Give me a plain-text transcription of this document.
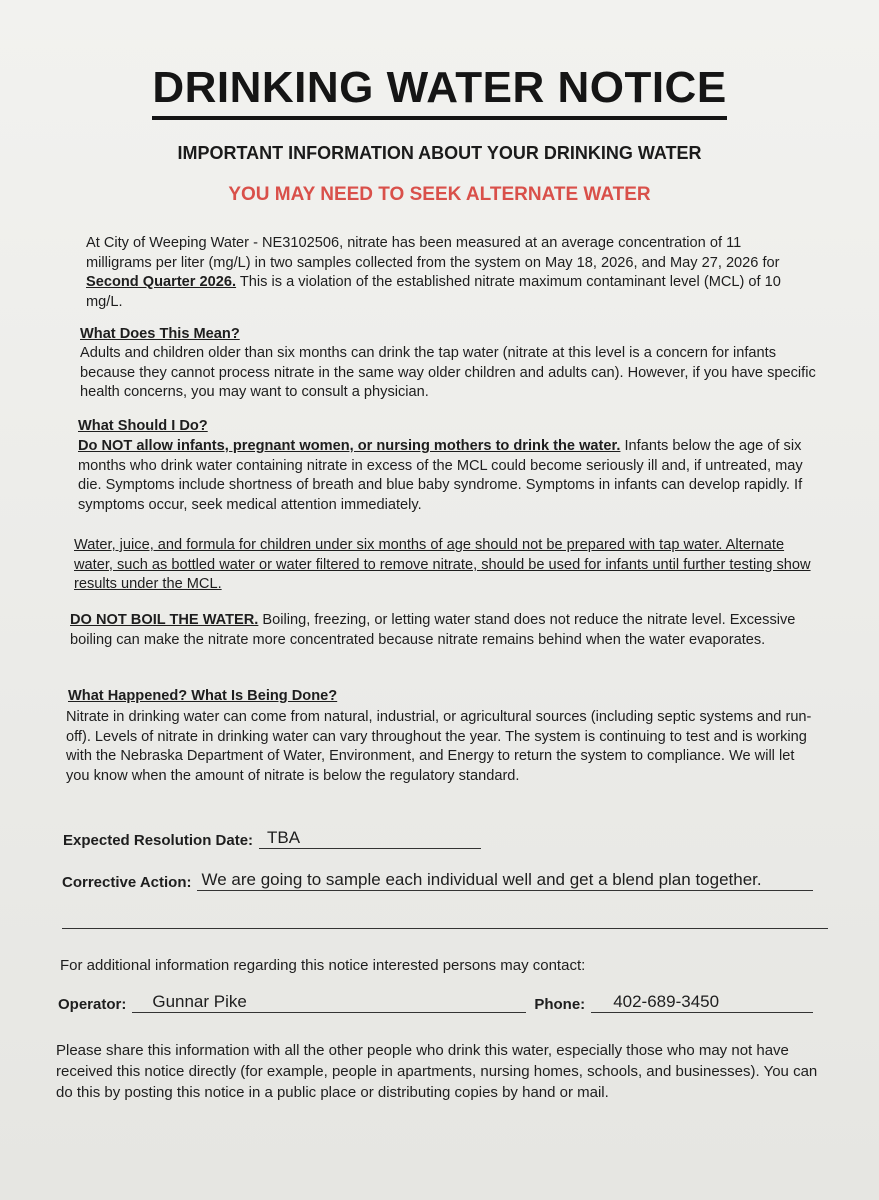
DRINKING WATER NOTICE
IMPORTANT INFORMATION ABOUT YOUR DRINKING WATER
YOU MAY NEED TO SEEK ALTERNATE WATER

At City of Weeping Water - NE3102506, nitrate has been measured at an average concentration of 11 milligrams per liter (mg/L) in two samples collected from the system on May 18, 2026, and May 27, 2026 for Second Quarter 2026. This is a violation of the established nitrate maximum contaminant level (MCL) of 10 mg/L.

What Does This Mean?

Adults and children older than six months can drink the tap water (nitrate at this level is a concern for infants because they cannot process nitrate in the same way older children and adults can). However, if you have specific health concerns, you may want to consult a physician.

What Should I Do?

Do NOT allow infants, pregnant women, or nursing mothers to drink the water. Infants below the age of six months who drink water containing nitrate in excess of the MCL could become seriously ill and, if untreated, may die. Symptoms include shortness of breath and blue baby syndrome. Symptoms in infants can develop rapidly. If symptoms occur, seek medical attention immediately.

Water, juice, and formula for children under six months of age should not be prepared with tap water. Alternate water, such as bottled water or water filtered to remove nitrate, should be used for infants until further testing show results under the MCL.

DO NOT BOIL THE WATER. Boiling, freezing, or letting water stand does not reduce the nitrate level. Excessive boiling can make the nitrate more concentrated because nitrate remains behind when the water evaporates.

What Happened? What Is Being Done?

Nitrate in drinking water can come from natural, industrial, or agricultural sources (including septic systems and run-off). Levels of nitrate in drinking water can vary throughout the year. The system is continuing to test and is working with the Nebraska Department of Water, Environment, and Energy to return the system to compliance. We will let you know when the amount of nitrate is below the regulatory standard.

Expected Resolution Date: TBA
Corrective Action: We are going to sample each individual well and get a blend plan together.
For additional information regarding this notice interested persons may contact:
Operator:	Gunnar Pike	Phone:	402-689-3450

Please share this information with all the other people who drink this water, especially those who may not have received this notice directly (for example, people in apartments, nursing homes, schools, and businesses). You can do this by posting this notice in a public place or distributing copies by hand or mail.
